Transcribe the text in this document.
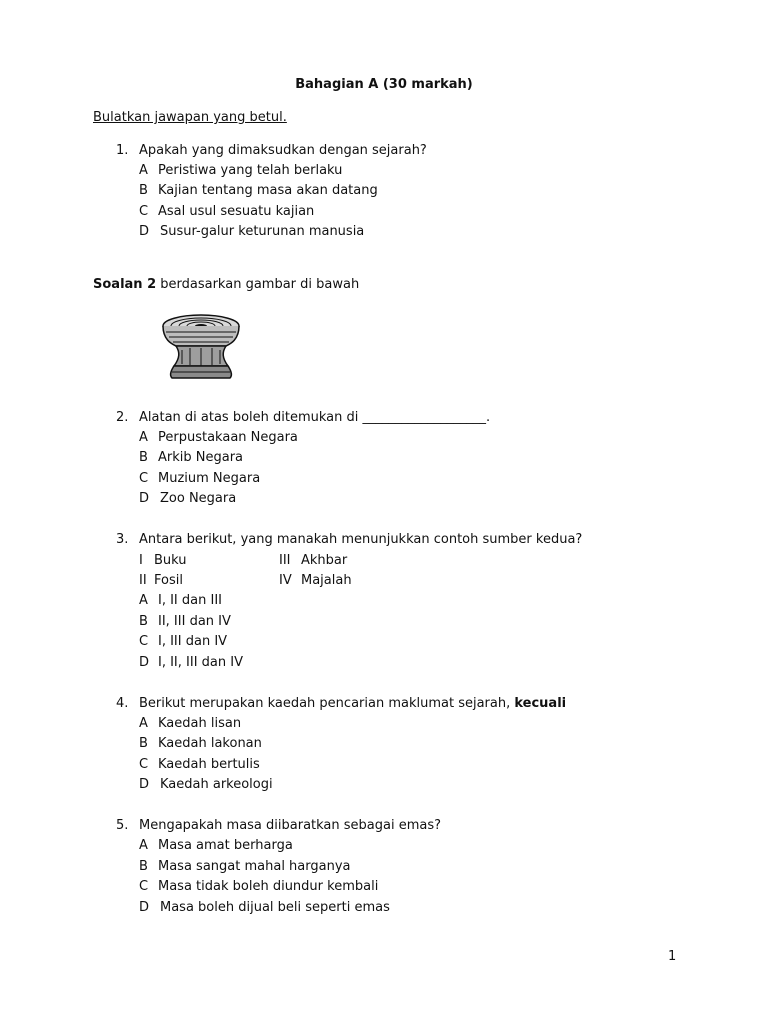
Bahagian A (30 markah)
Bulatkan jawapan yang betul.
1. Apakah yang dimaksudkan dengan sejarah?
A Peristiwa yang telah berlaku
B Kajian tentang masa akan datang
C Asal usul sesuatu kajian
D Susur-galur keturunan manusia
Soalan 2 berdasarkan gambar di bawah
2. Alatan di atas boleh ditemukan di ___________________.
A Perpustakaan Negara
B Arkib Negara
C Muzium Negara
D Zoo Negara
3. Antara berikut, yang manakah menunjukkan contoh sumber kedua?
I Buku	III Akhbar
II Fosil	IV Majalah
A I, II dan III
B II, III dan IV
C I, III dan IV
D I, II, III dan IV
4. Berikut merupakan kaedah pencarian maklumat sejarah, kecuali
A Kaedah lisan
B Kaedah lakonan
C Kaedah bertulis
D Kaedah arkeologi
5. Mengapakah masa diibaratkan sebagai emas?
A Masa amat berharga
B Masa sangat mahal harganya
C Masa tidak boleh diundur kembali
D Masa boleh dijual beli seperti emas
1
